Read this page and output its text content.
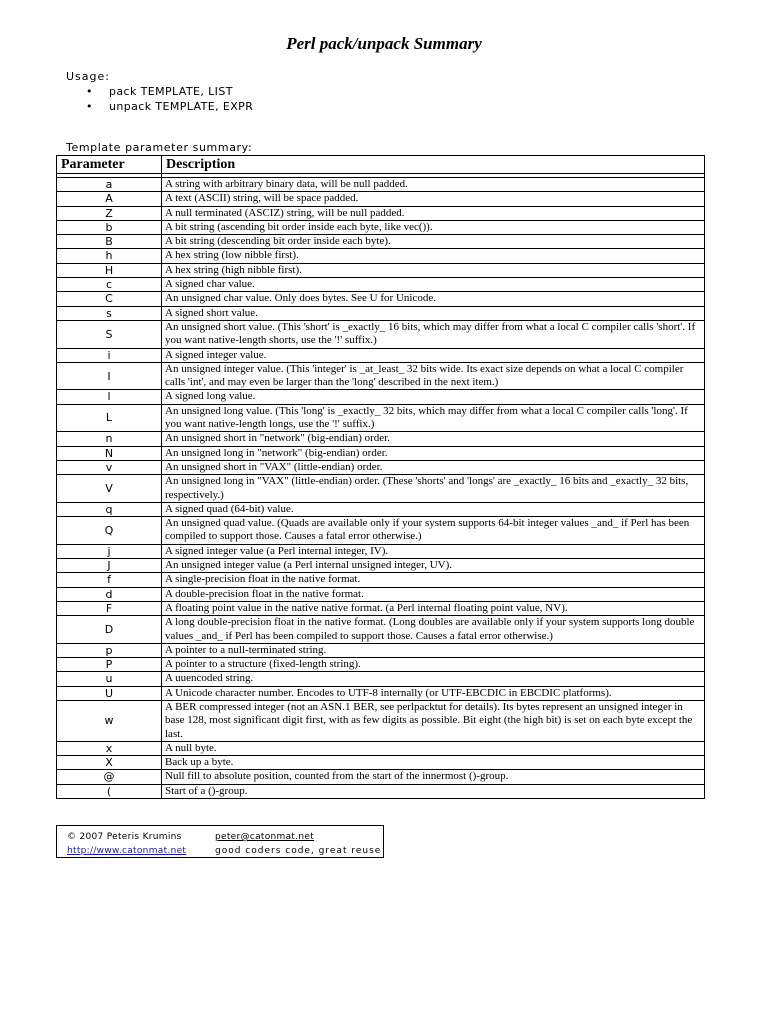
Perl pack/unpack Summary
Usage:
• pack TEMPLATE, LIST
• unpack TEMPLATE, EXPR
Template parameter summary:
Parameter	Description

a	A string with arbitrary binary data, will be null padded.
A	A text (ASCII) string, will be space padded.
Z	A null terminated (ASCIZ) string, will be null padded.
b	A bit string (ascending bit order inside each byte, like vec()).
B	A bit string (descending bit order inside each byte).
h	A hex string (low nibble first).
H	A hex string (high nibble first).
c	A signed char value.
C	An unsigned char value. Only does bytes. See U for Unicode.
s	A signed short value.
S	An unsigned short value. (This 'short' is _exactly_ 16 bits, which may differ from what a local C compiler calls 'short'. If you want native-length shorts, use the '!' suffix.)
i	A signed integer value.
I	An unsigned integer value. (This 'integer' is _at_least_ 32 bits wide. Its exact size depends on what a local C compiler calls 'int', and may even be larger than the 'long' described in the next item.)
l	A signed long value.
L	An unsigned long value. (This 'long' is _exactly_ 32 bits, which may differ from what a local C compiler calls 'long'. If you want native-length longs, use the '!' suffix.)
n	An unsigned short in "network" (big-endian) order.
N	An unsigned long in "network" (big-endian) order.
v	An unsigned short in "VAX" (little-endian) order.
V	An unsigned long in "VAX" (little-endian) order. (These 'shorts' and 'longs' are _exactly_ 16 bits and _exactly_ 32 bits, respectively.)
q	A signed quad (64-bit) value.
Q	An unsigned quad value. (Quads are available only if your system supports 64-bit integer values _and_ if Perl has been compiled to support those. Causes a fatal error otherwise.)
j	A signed integer value (a Perl internal integer, IV).
J	An unsigned integer value (a Perl internal unsigned integer, UV).
f	A single-precision float in the native format.
d	A double-precision float in the native format.
F	A floating point value in the native native format. (a Perl internal floating point value, NV).
D	A long double-precision float in the native format. (Long doubles are available only if your system supports long double values _and_ if Perl has been compiled to support those. Causes a fatal error otherwise.)
p	A pointer to a null-terminated string.
P	A pointer to a structure (fixed-length string).
u	A uuencoded string.
U	A Unicode character number. Encodes to UTF-8 internally (or UTF-EBCDIC in EBCDIC platforms).
w	A BER compressed integer (not an ASN.1 BER, see perlpacktut for details). Its bytes represent an unsigned integer in base 128, most significant digit first, with as few digits as possible. Bit eight (the high bit) is set on each byte except the last.
x	A null byte.
X	Back up a byte.
@	Null fill to absolute position, counted from the start of the innermost ()-group.
(	Start of a ()-group.
© 2007 Peteris Krumins	peter@catonmat.net
http://www.catonmat.net	good coders code, great reuse
